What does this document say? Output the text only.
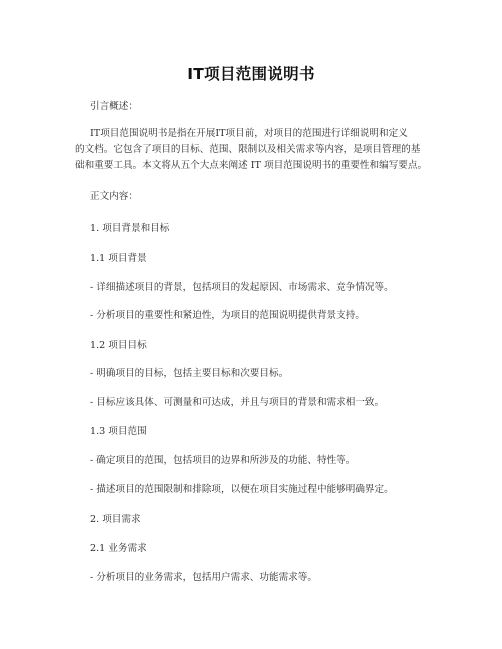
IT项目范围说明书
引言概述：
IT项目范围说明书是指在开展IT项目前，对项目的范围进行详细说明和定义
的文档。它包含了项目的目标、范围、限制以及相关需求等内容，是项目管理的基
础和重要工具。本文将从五个大点来阐述 IT 项目范围说明书的重要性和编写要点。
正文内容：
1. 项目背景和目标
1.1 项目背景
- 详细描述项目的背景，包括项目的发起原因、市场需求、竞争情况等。
- 分析项目的重要性和紧迫性，为项目的范围说明提供背景支持。
1.2 项目目标
- 明确项目的目标，包括主要目标和次要目标。
- 目标应该具体、可测量和可达成，并且与项目的背景和需求相一致。
1.3 项目范围
- 确定项目的范围，包括项目的边界和所涉及的功能、特性等。
- 描述项目的范围限制和排除项，以便在项目实施过程中能够明确界定。
2. 项目需求
2.1 业务需求
- 分析项目的业务需求，包括用户需求、功能需求等。
